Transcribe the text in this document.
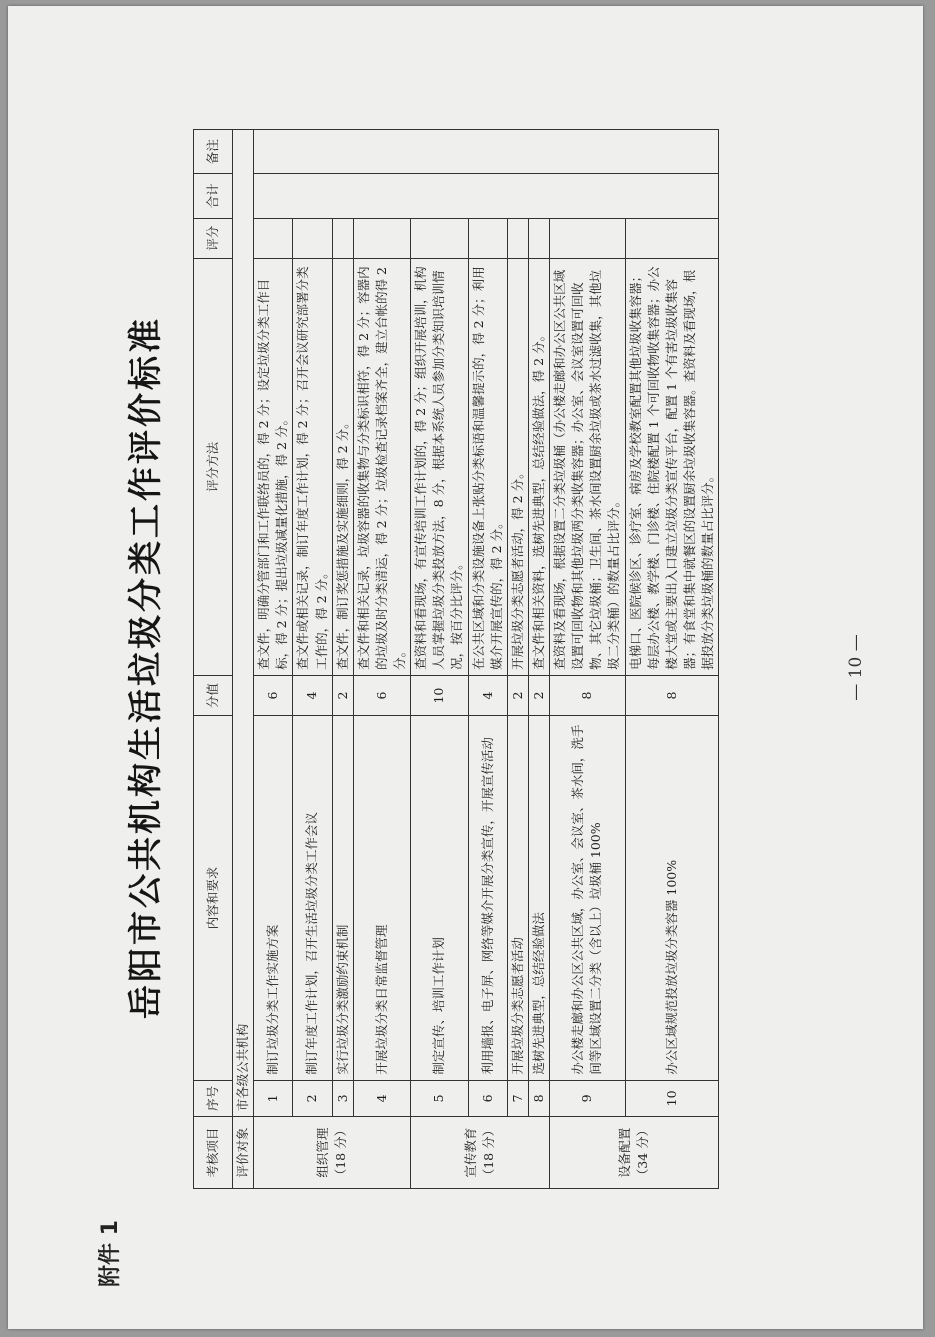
附件 1
岳阳市公共机构生活垃圾分类工作评价标准
考核项目	序号	内容和要求	分值	评分方法	评分	合计	备注
评价对象	市各级公共机构						
组织管理
（18 分）	1	制订垃圾分类工作实施方案	6	查文件，明确分管部门和工作联络员的，得 2 分；设定垃圾分类工作目标，得 2 分；提出垃圾减量化措施，得 2 分。			
	2	制订年度工作计划，召开生活垃圾分类工作会议	4	查文件或相关记录，制订年度工作计划，得 2 分；召开会议研究部署分类工作的，得 2 分。			
	3	实行垃圾分类激励约束机制	2	查文件，制订奖惩措施及实施细则，得 2 分。			
	4	开展垃圾分类日常监督管理	6	查文件和相关记录，垃圾容器的收集物与分类标识相符，得 2 分；容器内的垃圾及时分类清运，得 2 分；垃圾检查记录档案齐全，建立台帐的得 2 分。			
宣传教育
（18 分）	5	制定宣传、培训工作计划	10	查资料和看现场，有宣传培训工作计划的，得 2 分；组织开展培训，机构人员掌握垃圾分类投放方法，8 分，根据本系统人员参加分类知识培训情况，按百分比评分。			
	6	利用墙报、电子屏、网络等媒介开展分类宣传，开展宣传活动	4	在公共区域和分类设施设备上张贴分类标语和温馨提示的，得 2 分；利用媒介开展宣传的，得 2 分。			
	7	开展垃圾分类志愿者活动	2	开展垃圾分类志愿者活动，得 2 分。			
	8	选树先进典型，总结经验做法	2	查文件和相关资料，选树先进典型，总结经验做法，得 2 分。			
设备配置
（34 分）	9	办公楼走廊和办公区公共区域，办公室、会议室、茶水间，洗手间等区域设置二分类（含以上）垃圾桶 100%	8	查资料及看现场，根据设置二分类垃圾桶（办公楼走廊和办公区公共区域设置可回收物和其他垃圾两分类收集容器；办公室、会议室设置可回收物、其它垃圾桶；卫生间、茶水间设置厨余垃圾或茶水过滤收集，其他垃圾二分类桶）的数量占比评分。			
	10	办公区域规范投放垃圾分类容器 100%	8	电梯口、医院候诊区、诊疗室、病房及学校教室配置其他垃圾收集容器；每层办公楼、教学楼、门诊楼、住院楼配置 1 个可回收物收集容器；办公楼大堂或主要出入口建立垃圾分类宣传平台，配置 1 个有害垃圾收集容器；有食堂和集中就餐区的设置厨余垃圾收集容器。查资料及看现场，根据投放分类垃圾桶的数量占比评分。				— 10 —
